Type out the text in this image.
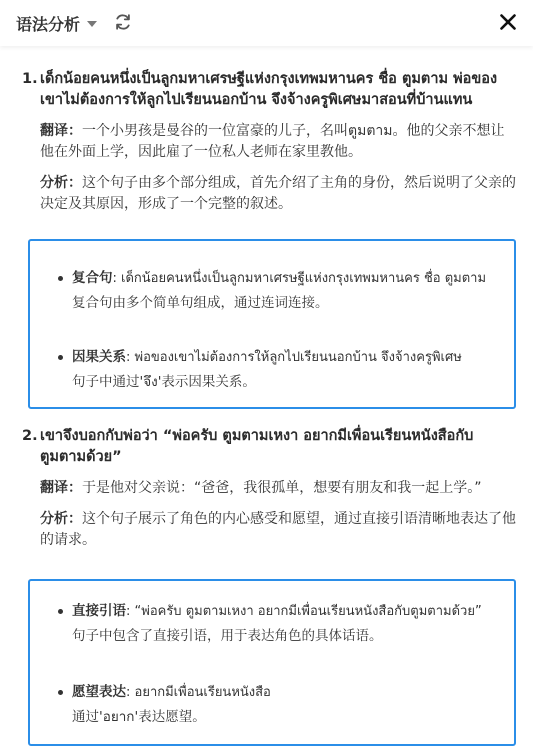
语法分析
1. เด็กน้อยคนหนึ่งเป็นลูกมหาเศรษฐีแห่งกรุงเทพมหานคร ชื่อ ตูมตาม พ่อของเขาไม่ต้องการให้ลูกไปเรียนนอกบ้าน จึงจ้างครูพิเศษมาสอนที่บ้านแทน
翻译：一个小男孩是曼谷的一位富豪的儿子，名叫ตูมตาม。他的父亲不想让他在外面上学，因此雇了一位私人老师在家里教他。
分析：这个句子由多个部分组成，首先介绍了主角的身份，然后说明了父亲的决定及其原因，形成了一个完整的叙述。
复合句: เด็กน้อยคนหนึ่งเป็นลูกมหาเศรษฐีแห่งกรุงเทพมหานคร ชื่อ ตูมตาม
复合句由多个简单句组成，通过连词连接。
因果关系: พ่อของเขาไม่ต้องการให้ลูกไปเรียนนอกบ้าน จึงจ้างครูพิเศษ
句子中通过'จึง'表示因果关系。
2. เขาจึงบอกกับพ่อว่า “พ่อครับ ตูมตามเหงา อยากมีเพื่อนเรียนหนังสือกับตูมตามด้วย”
翻译：于是他对父亲说：“爸爸，我很孤单，想要有朋友和我一起上学。”
分析：这个句子展示了角色的内心感受和愿望，通过直接引语清晰地表达了他的请求。
直接引语: “พ่อครับ ตูมตามเหงา อยากมีเพื่อนเรียนหนังสือกับตูมตามด้วย”
句子中包含了直接引语，用于表达角色的具体话语。
愿望表达: อยากมีเพื่อนเรียนหนังสือ
通过'อยาก'表达愿望。
